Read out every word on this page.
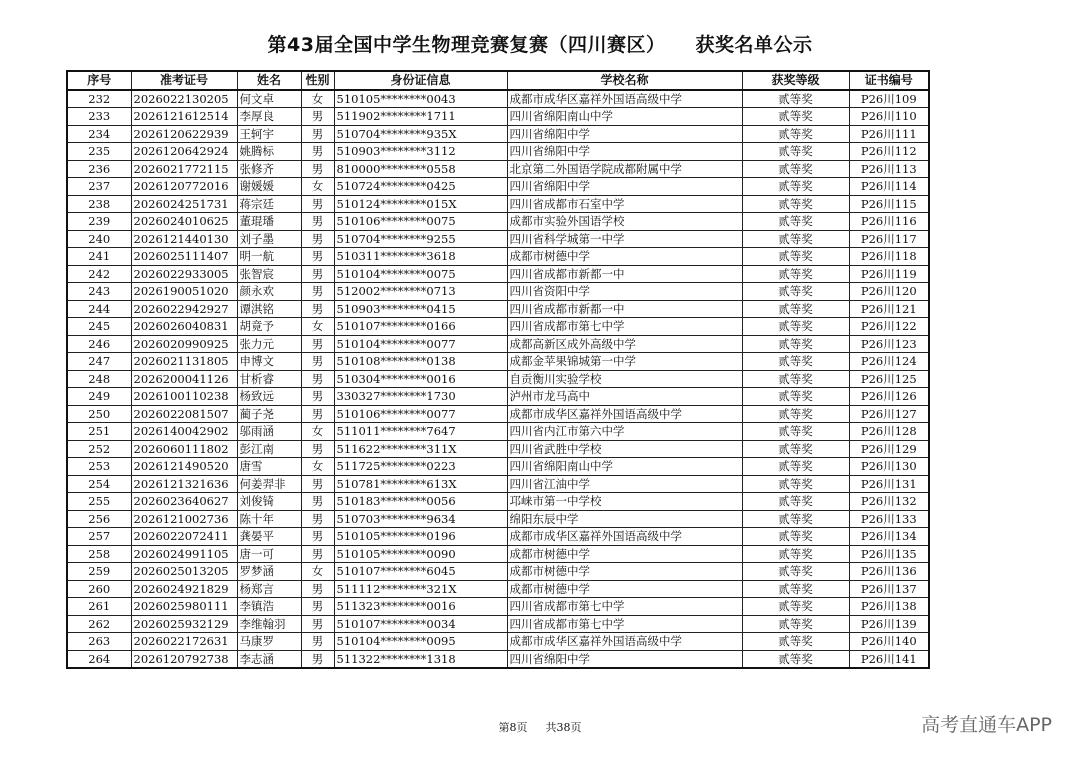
第43届全国中学生物理竞赛复赛（四川赛区） 获奖名单公示
序号	准考证号	姓名	性别	身份证信息	学校名称	获奖等级	证书编号
232	2026022130205	何文卓	女	510105********0043	成都市成华区嘉祥外国语高级中学	贰等奖	P26川109
233	2026121612514	李厚良	男	511902********1711	四川省绵阳南山中学	贰等奖	P26川110
234	2026120622939	王轲宇	男	510704********935X	四川省绵阳中学	贰等奖	P26川111
235	2026120642924	姚腾标	男	510903********3112	四川省绵阳中学	贰等奖	P26川112
236	2026021772115	张修齐	男	810000********0558	北京第二外国语学院成都附属中学	贰等奖	P26川113
237	2026120772016	谢媛媛	女	510724********0425	四川省绵阳中学	贰等奖	P26川114
238	2026024251731	蒋宗廷	男	510124********015X	四川省成都市石室中学	贰等奖	P26川115
239	2026024010625	董琨璠	男	510106********0075	成都市实验外国语学校	贰等奖	P26川116
240	2026121440130	刘子墨	男	510704********9255	四川省科学城第一中学	贰等奖	P26川117
241	2026025111407	明一航	男	510311********3618	成都市树德中学	贰等奖	P26川118
242	2026022933005	张智宸	男	510104********0075	四川省成都市新都一中	贰等奖	P26川119
243	2026190051020	颜永欢	男	512002********0713	四川省资阳中学	贰等奖	P26川120
244	2026022942927	谭淇铭	男	510903********0415	四川省成都市新都一中	贰等奖	P26川121
245	2026026040831	胡竟予	女	510107********0166	四川省成都市第七中学	贰等奖	P26川122
246	2026020990925	张力元	男	510104********0077	成都高新区成外高级中学	贰等奖	P26川123
247	2026021131805	申博文	男	510108********0138	成都金苹果锦城第一中学	贰等奖	P26川124
248	2026200041126	甘析睿	男	510304********0016	自贡衡川实验学校	贰等奖	P26川125
249	2026100110238	杨致远	男	330327********1730	泸州市龙马高中	贰等奖	P26川126
250	2026022081507	蔺子尧	男	510106********0077	成都市成华区嘉祥外国语高级中学	贰等奖	P26川127
251	2026140042902	邬雨涵	女	511011********7647	四川省内江市第六中学	贰等奖	P26川128
252	2026060111802	彭江南	男	511622********311X	四川省武胜中学校	贰等奖	P26川129
253	2026121490520	唐雪	女	511725********0223	四川省绵阳南山中学	贰等奖	P26川130
254	2026121321636	何姜羿非	男	510781********613X	四川省江油中学	贰等奖	P26川131
255	2026023640627	刘俊锜	男	510183********0056	邛崃市第一中学校	贰等奖	P26川132
256	2026121002736	陈十年	男	510703********9634	绵阳东辰中学	贰等奖	P26川133
257	2026022072411	龚晏平	男	510105********0196	成都市成华区嘉祥外国语高级中学	贰等奖	P26川134
258	2026024991105	唐一可	男	510105********0090	成都市树德中学	贰等奖	P26川135
259	2026025013205	罗梦涵	女	510107********6045	成都市树德中学	贰等奖	P26川136
260	2026024921829	杨郑言	男	511112********321X	成都市树德中学	贰等奖	P26川137
261	2026025980111	李镇浩	男	511323********0016	四川省成都市第七中学	贰等奖	P26川138
262	2026025932129	李维翰羽	男	510107********0034	四川省成都市第七中学	贰等奖	P26川139
263	2026022172631	马康罗	男	510104********0095	成都市成华区嘉祥外国语高级中学	贰等奖	P26川140
264	2026120792738	李志涵	男	511322********1318	四川省绵阳中学	贰等奖	P26川141
第8页 共38页	高考直通车APP
